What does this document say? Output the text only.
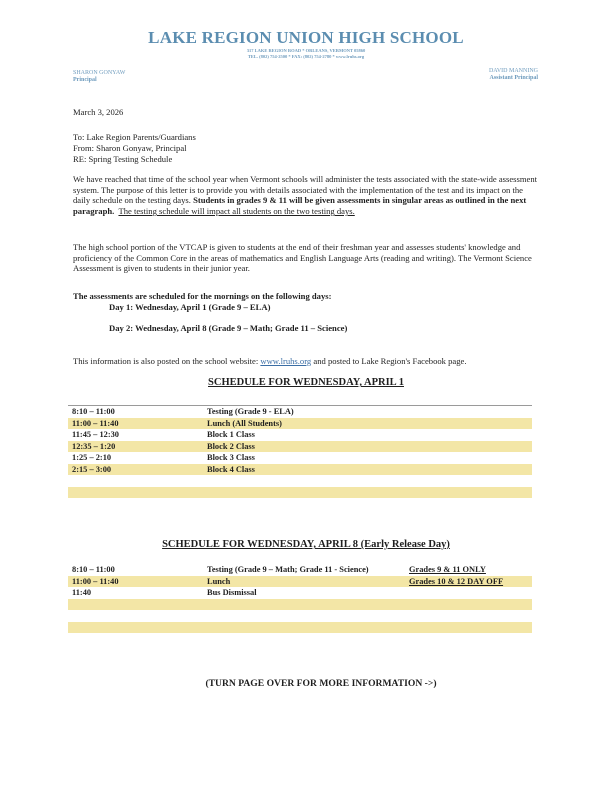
LAKE REGION UNION HIGH SCHOOL
317 LAKE REGION ROAD * ORLEANS, VERMONT 05860
TEL. (802) 754-2500 * FAX: (802) 754-2780 * www.lruhs.org
SHARON GONYAW
Principal
DAVID MANNING
Assistant Principal
March 3, 2026
To: Lake Region Parents/Guardians
From: Sharon Gonyaw, Principal
RE: Spring Testing Schedule
We have reached that time of the school year when Vermont schools will administer the tests associated with the state-wide assessment system. The purpose of this letter is to provide you with details associated with the implementation of the test and its impact on the daily schedule on the testing days. Students in grades 9 & 11 will be given assessments in singular areas as outlined in the next paragraph. The testing schedule will impact all students on the two testing days.
The high school portion of the VTCAP is given to students at the end of their freshman year and assesses students' knowledge and proficiency of the Common Core in the areas of mathematics and English Language Arts (reading and writing). The Vermont Science Assessment is given to students in their junior year.
The assessments are scheduled for the mornings on the following days:
Day 1: Wednesday, April 1 (Grade 9 – ELA)
Day 2: Wednesday, April 8 (Grade 9 – Math; Grade 11 – Science)
This information is also posted on the school website: www.lruhs.org and posted to Lake Region's Facebook page.
SCHEDULE FOR WEDNESDAY, APRIL 1
8:10 – 11:00	Testing (Grade 9 - ELA)
11:00 – 11:40	Lunch (All Students)
11:45 – 12:30	Block 1 Class
12:35 – 1:20	Block 2 Class
1:25 – 2:10	Block 3 Class
2:15 – 3:00	Block 4 Class
SCHEDULE FOR WEDNESDAY, APRIL 8 (Early Release Day)
8:10 – 11:00	Testing (Grade 9 – Math; Grade 11 - Science)	Grades 9 & 11 ONLY
11:00 – 11:40	Lunch	Grades 10 & 12 DAY OFF
11:40	Bus Dismissal
(TURN PAGE OVER FOR MORE INFORMATION ->)
